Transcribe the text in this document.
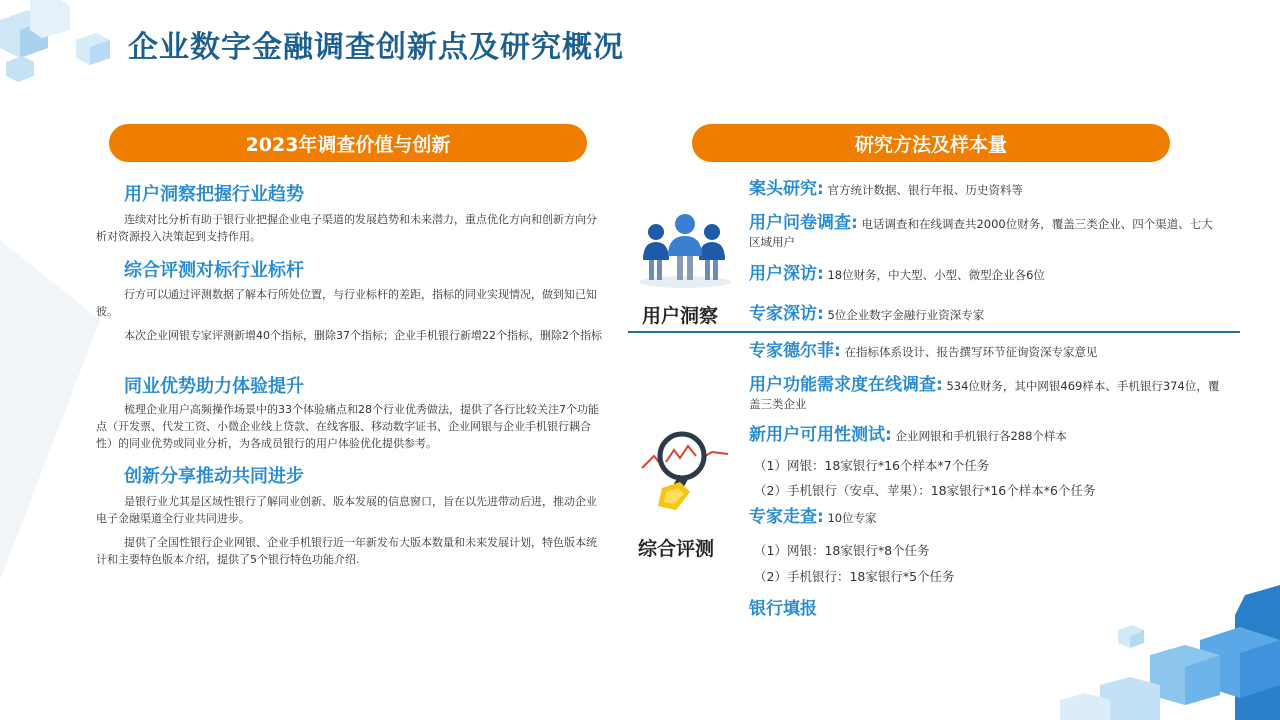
企业数字金融调查创新点及研究概况
2023年调查价值与创新
用户洞察把握行业趋势
连续对比分析有助于银行业把握企业电子渠道的发展趋势和未来潜力，重点优化方向和创新方向分析对资源投入决策起到支持作用。
综合评测对标行业标杆
行方可以通过评测数据了解本行所处位置，与行业标杆的差距，指标的同业实现情况，做到知已知彼。
本次企业网银专家评测新增40个指标，删除37个指标；企业手机银行新增22个指标，删除2个指标
同业优势助力体验提升
梳理企业用户高频操作场景中的33个体验痛点和28个行业优秀做法，提供了各行比较关注7个功能点（开发票、代发工资、小微企业线上贷款、在线客服、移动数字证书、企业网银与企业手机银行耦合性）的同业优势或同业分析，为各成员银行的用户体验优化提供参考。
创新分享推动共同进步
是银行业尤其是区域性银行了解同业创新、版本发展的信息窗口，旨在以先进带动后进，推动企业电子金融渠道全行业共同进步。
提供了全国性银行企业网银、企业手机银行近一年新发布大版本数量和未来发展计划，特色版本统计和主要特色版本介绍，提供了5个银行特色功能介绍.
研究方法及样本量
用户洞察
综合评测
案头研究: 官方统计数据、银行年报、历史资料等
用户问卷调查: 电话调查和在线调查共2000位财务，覆盖三类企业、四个渠道、七大区域用户
用户深访: 18位财务，中大型、小型、微型企业各6位
专家深访: 5位企业数字金融行业资深专家
专家德尔菲: 在指标体系设计、报告撰写环节征询资深专家意见
用户功能需求度在线调查: 534位财务，其中网银469样本、手机银行374位，覆盖三类企业
新用户可用性测试: 企业网银和手机银行各288个样本
（1）网银：18家银行*16个样本*7个任务
（2）手机银行（安卓、苹果）：18家银行*16个样本*6个任务
专家走查: 10位专家
（1）网银：18家银行*8个任务
（2）手机银行：18家银行*5个任务
银行填报
